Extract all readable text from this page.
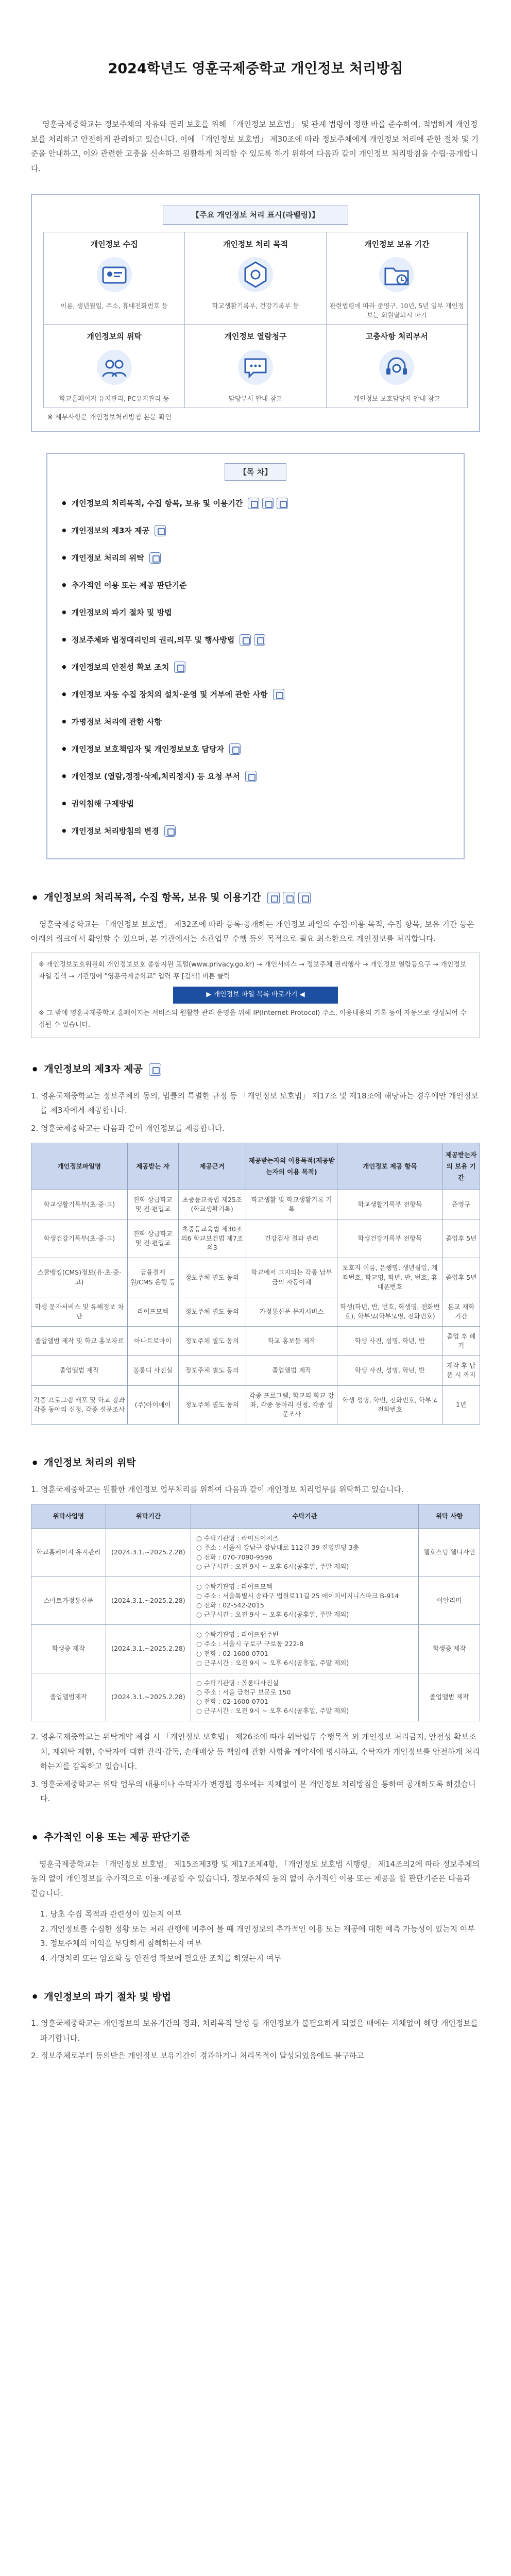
2024학년도 영훈국제중학교 개인정보 처리방침

영훈국제중학교는 정보주체의 자유와 권리 보호를 위해 「개인정보 보호법」 및 관계 법령이 정한 바를 준수하여, 적법하게 개인정보를 처리하고 안전하게 관리하고 있습니다. 이에 「개인정보 보호법」 제30조에 따라 정보주체에게 개인정보 처리에 관한 절차 및 기준을 안내하고, 이와 관련한 고충을 신속하고 원활하게 처리할 수 있도록 하기 위하여 다음과 같이 개인정보 처리방침을 수립·공개합니다.

【주요 개인정보 처리 표시(라벨링)】
개인정보 수집
이름, 생년월일, 주소, 휴대전화번호 등
개인정보 처리 목적
학교생활기록부, 건강기록부 등
개인정보 보유 기간
관련법령에 따라 준영구, 10년, 5년 일부 개인정보는 회원탈퇴시 파기
개인정보의 위탁
학교홈페이지 유지관리, PC유지관리 등
개인정보 열람청구
담당부서 안내 참고
고충사항 처리부서
개인정보 보호담당자 안내 참고
※ 세부사항은 개인정보처리방침 본문 확인
【목 차】
• 개인정보의 처리목적, 수집 항목, 보유 및 이용기간
• 개인정보의 제3자 제공
• 개인정보 처리의 위탁
• 추가적인 이용 또는 제공 판단기준
• 개인정보의 파기 절차 및 방법
• 정보주체와 법정대리인의 권리,의무 및 행사방법
• 개인정보의 안전성 확보 조치
• 개인정보 자동 수집 장치의 설치·운영 및 거부에 관한 사항
• 가명정보 처리에 관한 사항
• 개인정보 보호책임자 및 개인정보보호 담당자
• 개인정보 (열람,정정·삭제,처리정지) 등 요청 부서
• 권익침해 구제방법
• 개인정보 처리방침의 변경
• 개인정보의 처리목적, 수집 항목, 보유 및 이용기간

영훈국제중학교는 「개인정보 보호법」 제32조에 따라 등록·공개하는 개인정보 파일의 수집·이용 목적, 수집 항목, 보유 기간 등은 아래의 링크에서 확인할 수 있으며, 본 기관에서는 소관업무 수행 등의 목적으로 필요 최소한으로 개인정보를 처리합니다.

※ 개인정보보호위원회 개인정보보호 종합지원 포털(www.privacy.go.kr) → 개인서비스 → 정보주체 권리행사 → 개인정보 열람등요구 → 개인정보파일 검색 → 기관명에 "영훈국제중학교" 입력 후 [검색] 버튼 클릭
▶ 개인정보 파일 목록 바로가기 ◀
※ 그 밖에 영훈국제중학교 홈페이지는 서비스의 원활한 관리 운영을 위해 IP(Internet Protocol) 주소, 이용내용의 기록 등이 자동으로 생성되어 수집될 수 있습니다.
• 개인정보의 제3자 제공
1. 영훈국제중학교는 정보주체의 동의, 법률의 특별한 규정 등 「개인정보 보호법」 제17조 및 제18조에 해당하는 경우에만 개인정보를 제3자에게 제공합니다.
2. 영훈국제중학교는 다음과 같이 개인정보를 제공합니다.
개인정보파일명	제공받는 자	제공근거	제공받는자의 이용목적(제공받는자의 이용 목적)	개인정보 제공 항목	제공받는자의 보유 기간
학교생활기록부(초·중·고)	진학 상급학교 및 전·편입교	초중등교육법 제25조(학교생활기록)	학교생활 및 학교생활기록 기록	학교생활기록부 전항목	준영구
학생건강기록부(초·중·고)	진학 상급학교 및 전·편입교	초중등교육법 제30조의6 학교보건법 제7조의3	건강검사 결과 관리	학생건강기록부 전항목	졸업후 5년
스쿨뱅킹(CMS)정보(유·초·중·고)	금융결제원/CMS 은행 등	정보주체 별도 동의	학교에서 고지되는 각종 납부금의 자동이체	보호자 이름, 은행명, 생년월일, 계좌번호, 학교명, 학년, 반, 번호, 휴대폰번호	졸업후 5년
학생 문자서비스 및 유해정보 차단	라이프모텍	정보주체 별도 동의	가정통신문 문자서비스	학생(학년, 반, 번호, 학생명, 전화번호), 학부모(학부모명, 전화번호)	본교 재학기간
졸업앨범 제작 및 학교 홍보자료	아나트로마이	정보주체 별도 동의	학교 홍보물 제작	학생 사진, 성명, 학년, 반	졸업 후 폐기
졸업앨범 제작	볼룸디 사진실	정보주체 별도 동의	졸업앨범 제작	학생 사진, 성명, 학년, 반	제작 후 납품 시 까지
각종 프로그램 배포 및 학교 강좌 각종 동아리 신청, 각종 설문조사	(주)아이에이	정보주체 별도 동의	각종 프로그램, 학교의 학교 강좌, 각종 동아리 신청, 각종 설문조사	학생 성명, 학번, 전화번호, 학부모 전화번호	1년
• 개인정보 처리의 위탁
1. 영훈국제중학교는 원활한 개인정보 업무처리를 위하여 다음과 같이 개인정보 처리업무를 위탁하고 있습니다.
위탁사업명	위탁기간	수탁기관	위탁 사항
학교홈페이지 유지관리	(2024.3.1.~2025.2.28)	○ 수탁기관명 : 라이트이지즈
○ 주소 : 서울시 강남구 강남대로 112길 39 진영빌딩 3층
○ 전화 : 070-7090-9596
○ 근무시간 : 오전 9시 ~ 오후 6시(공휴일, 주말 제외)	웹호스팅 웹디자인
스마트가정통신문	(2024.3.1.~2025.2.28)	○ 수탁기관명 : 라이프모텍
○ 주소 : 서울특별시 송파구 법원로11길 25 에이치비지니스파크 B-914
○ 전화 : 02-542-2015
○ 근무시간 : 오전 9시 ~ 오후 6시(공휴일, 주말 제외)	이알리미
학생증 제작	(2024.3.1.~2025.2.28)	○ 수탁기관명 : 라이프랩주빈
○ 주소 : 서울시 구로구 구로동 222-8
○ 전화 : 02-1600-0701
○ 근무시간 : 오전 9시 ~ 오후 6시(공휴일, 주말 제외)	학생증 제작
졸업앨범제작	(2024.3.1.~2025.2.28)	○ 수탁기관명 : 볼룸디사진실
○ 주소 : 서울 금천구 보문로 150
○ 전화 : 02-1600-0701
○ 근무시간 : 오전 9시 ~ 오후 6시(공휴일, 주말 제외)	졸업앨범 제작
2. 영훈국제중학교는 위탁계약 체결 시 「개인정보 보호법」 제26조에 따라 위탁업무 수행목적 외 개인정보 처리금지, 안전성 확보조치, 재위탁 제한, 수탁자에 대한 관리·감독, 손해배상 등 책임에 관한 사항을 계약서에 명시하고, 수탁자가 개인정보를 안전하게 처리하는지를 감독하고 있습니다.
3. 영훈국제중학교는 위탁 업무의 내용이나 수탁자가 변경될 경우에는 지체없이 본 개인정보 처리방침을 통하여 공개하도록 하겠습니다.
• 추가적인 이용 또는 제공 판단기준

영훈국제중학교는 「개인정보 보호법」 제15조제3항 및 제17조제4항, 「개인정보 보호법 시행령」 제14조의2에 따라 정보주체의 동의 없이 개인정보를 추가적으로 이용·제공할 수 있습니다. 정보주체의 동의 없이 추가적인 이용 또는 제공을 할 판단기준은 다음과 같습니다.

1. 당초 수집 목적과 관련성이 있는지 여부
2. 개인정보를 수집한 정황 또는 처리 관행에 비추어 볼 때 개인정보의 추가적인 이용 또는 제공에 대한 예측 가능성이 있는지 여부
3. 정보주체의 이익을 부당하게 침해하는지 여부
4. 가명처리 또는 암호화 등 안전성 확보에 필요한 조치를 하였는지 여부
• 개인정보의 파기 절차 및 방법
1. 영훈국제중학교는 개인정보의 보유기간의 경과, 처리목적 달성 등 개인정보가 불필요하게 되었을 때에는 지체없이 해당 개인정보를 파기합니다.
2. 정보주체로부터 동의받은 개인정보 보유기간이 경과하거나 처리목적이 달성되었음에도 불구하고
